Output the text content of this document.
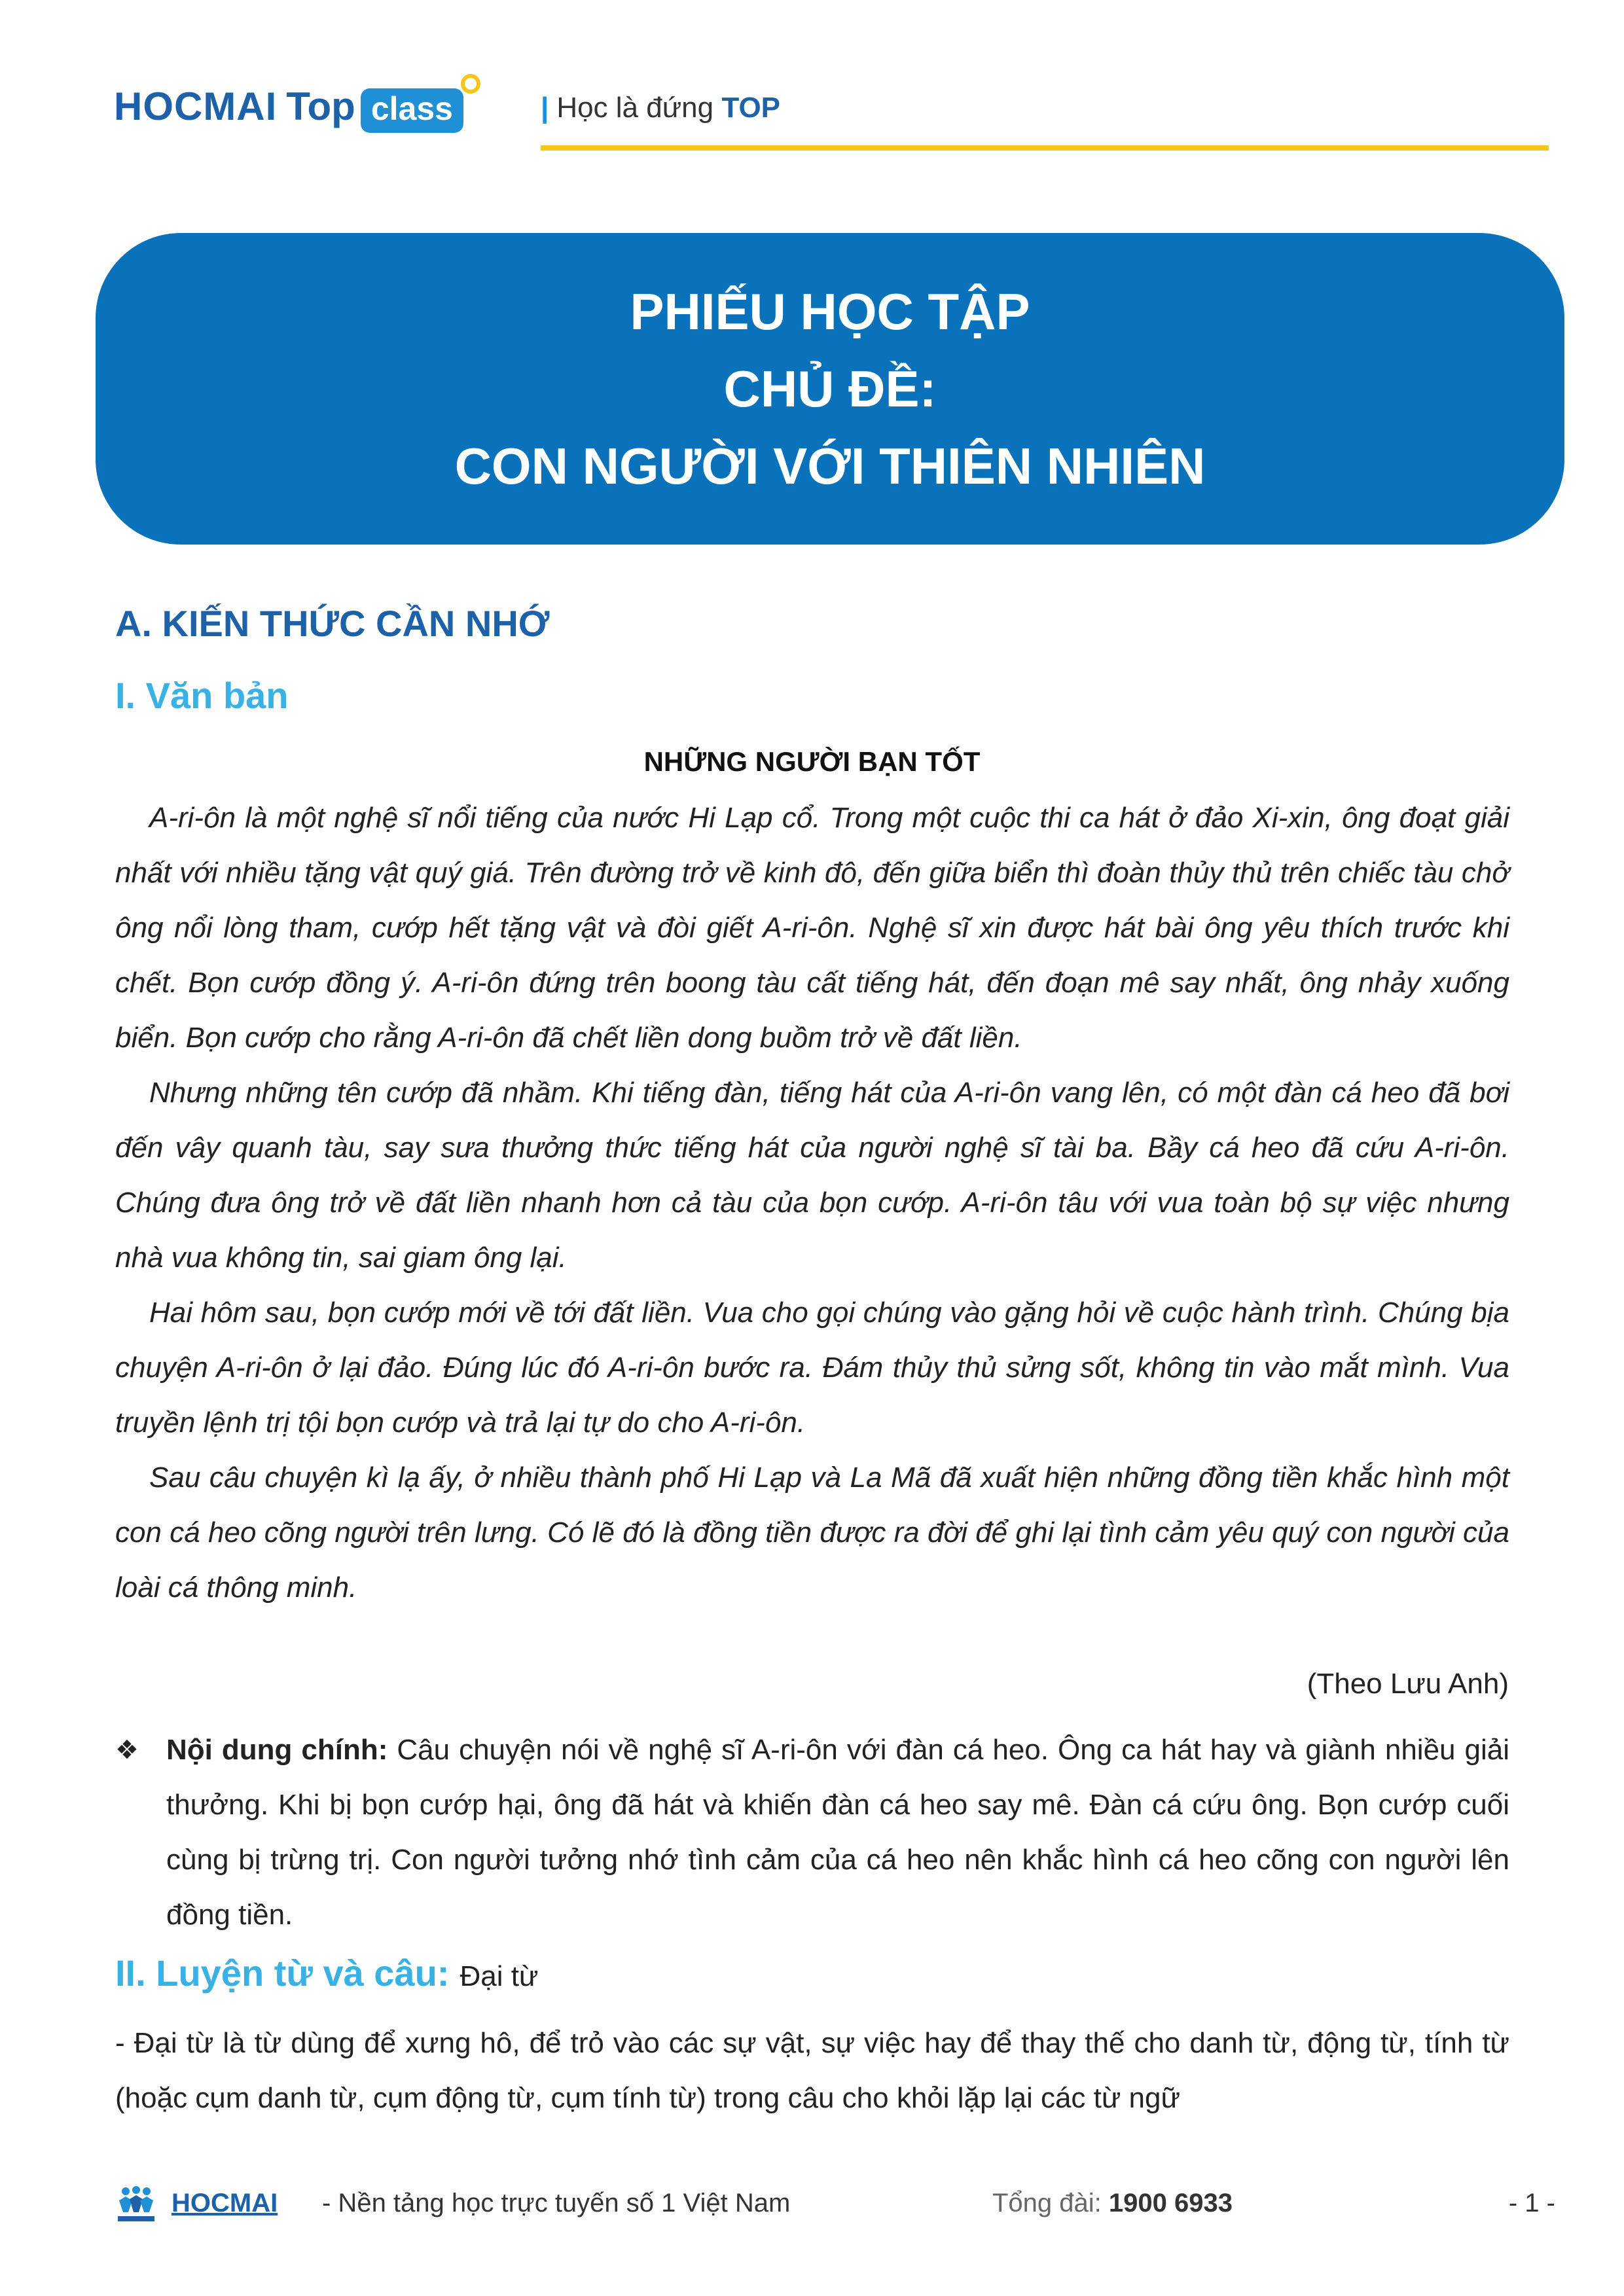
HOCMAI Top class	| Học là đứng TOP
PHIẾU HỌC TẬP
CHỦ ĐỀ:
CON NGƯỜI VỚI THIÊN NHIÊN
A. KIẾN THỨC CẦN NHỚ
I. Văn bản
NHỮNG NGƯỜI BẠN TỐT

A-ri-ôn là một nghệ sĩ nổi tiếng của nước Hi Lạp cổ. Trong một cuộc thi ca hát ở đảo Xi-xin, ông đoạt giải nhất với nhiều tặng vật quý giá. Trên đường trở về kinh đô, đến giữa biển thì đoàn thủy thủ trên chiếc tàu chở ông nổi lòng tham, cướp hết tặng vật và đòi giết A-ri-ôn. Nghệ sĩ xin được hát bài ông yêu thích trước khi chết. Bọn cướp đồng ý. A-ri-ôn đứng trên boong tàu cất tiếng hát, đến đoạn mê say nhất, ông nhảy xuống biển. Bọn cướp cho rằng A-ri-ôn đã chết liền dong buồm trở về đất liền.

Nhưng những tên cướp đã nhầm. Khi tiếng đàn, tiếng hát của A-ri-ôn vang lên, có một đàn cá heo đã bơi đến vây quanh tàu, say sưa thưởng thức tiếng hát của người nghệ sĩ tài ba. Bầy cá heo đã cứu A-ri-ôn. Chúng đưa ông trở về đất liền nhanh hơn cả tàu của bọn cướp. A-ri-ôn tâu với vua toàn bộ sự việc nhưng nhà vua không tin, sai giam ông lại.

Hai hôm sau, bọn cướp mới về tới đất liền. Vua cho gọi chúng vào gặng hỏi về cuộc hành trình. Chúng bịa chuyện A-ri-ôn ở lại đảo. Đúng lúc đó A-ri-ôn bước ra. Đám thủy thủ sửng sốt, không tin vào mắt mình. Vua truyền lệnh trị tội bọn cướp và trả lại tự do cho A-ri-ôn.

Sau câu chuyện kì lạ ấy, ở nhiều thành phố Hi Lạp và La Mã đã xuất hiện những đồng tiền khắc hình một con cá heo cõng người trên lưng. Có lẽ đó là đồng tiền được ra đời để ghi lại tình cảm yêu quý con người của loài cá thông minh.

(Theo Lưu Anh)
❖ Nội dung chính: Câu chuyện nói về nghệ sĩ A-ri-ôn với đàn cá heo. Ông ca hát hay và giành nhiều giải thưởng. Khi bị bọn cướp hại, ông đã hát và khiến đàn cá heo say mê. Đàn cá cứu ông. Bọn cướp cuối cùng bị trừng trị. Con người tưởng nhớ tình cảm của cá heo nên khắc hình cá heo cõng con người lên đồng tiền.
II. Luyện từ và câu: Đại từ
- Đại từ là từ dùng để xưng hô, để trỏ vào các sự vật, sự việc hay để thay thế cho danh từ, động từ, tính từ (hoặc cụm danh từ, cụm động từ, cụm tính từ) trong câu cho khỏi lặp lại các từ ngữ
HOCMAI - Nền tảng học trực tuyến số 1 Việt Nam	Tổng đài: 1900 6933	- 1 -
